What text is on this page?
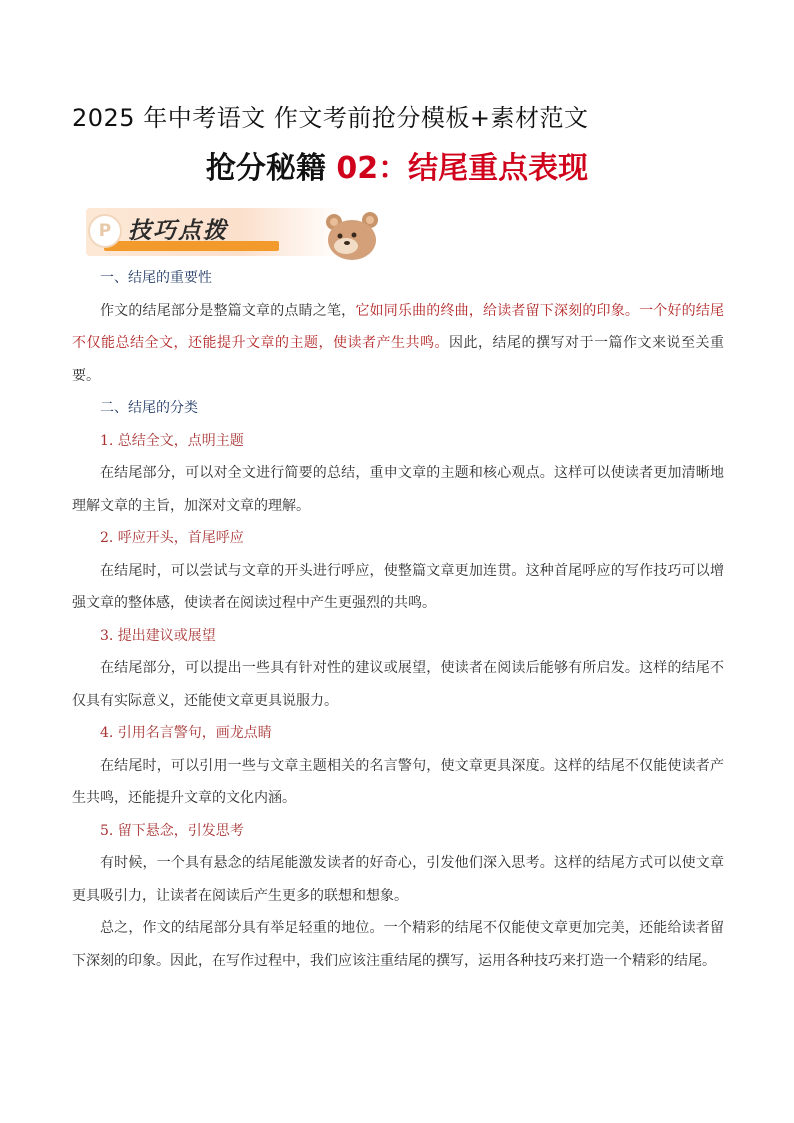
2025 年中考语文 作文考前抢分模板+素材范文
抢分秘籍 02：结尾重点表现
P 技巧点拨

一、结尾的重要性

作文的结尾部分是整篇文章的点睛之笔，它如同乐曲的终曲，给读者留下深刻的印象。一个好的结尾不仅能总结全文，还能提升文章的主题，使读者产生共鸣。因此，结尾的撰写对于一篇作文来说至关重要。

二、结尾的分类

1. 总结全文，点明主题

在结尾部分，可以对全文进行简要的总结，重申文章的主题和核心观点。这样可以使读者更加清晰地理解文章的主旨，加深对文章的理解。

2. 呼应开头，首尾呼应

在结尾时，可以尝试与文章的开头进行呼应，使整篇文章更加连贯。这种首尾呼应的写作技巧可以增强文章的整体感，使读者在阅读过程中产生更强烈的共鸣。

3. 提出建议或展望

在结尾部分，可以提出一些具有针对性的建议或展望，使读者在阅读后能够有所启发。这样的结尾不仅具有实际意义，还能使文章更具说服力。

4. 引用名言警句，画龙点睛

在结尾时，可以引用一些与文章主题相关的名言警句，使文章更具深度。这样的结尾不仅能使读者产生共鸣，还能提升文章的文化内涵。

5. 留下悬念，引发思考

有时候，一个具有悬念的结尾能激发读者的好奇心，引发他们深入思考。这样的结尾方式可以使文章更具吸引力，让读者在阅读后产生更多的联想和想象。

总之，作文的结尾部分具有举足轻重的地位。一个精彩的结尾不仅能使文章更加完美，还能给读者留下深刻的印象。因此，在写作过程中，我们应该注重结尾的撰写，运用各种技巧来打造一个精彩的结尾。
